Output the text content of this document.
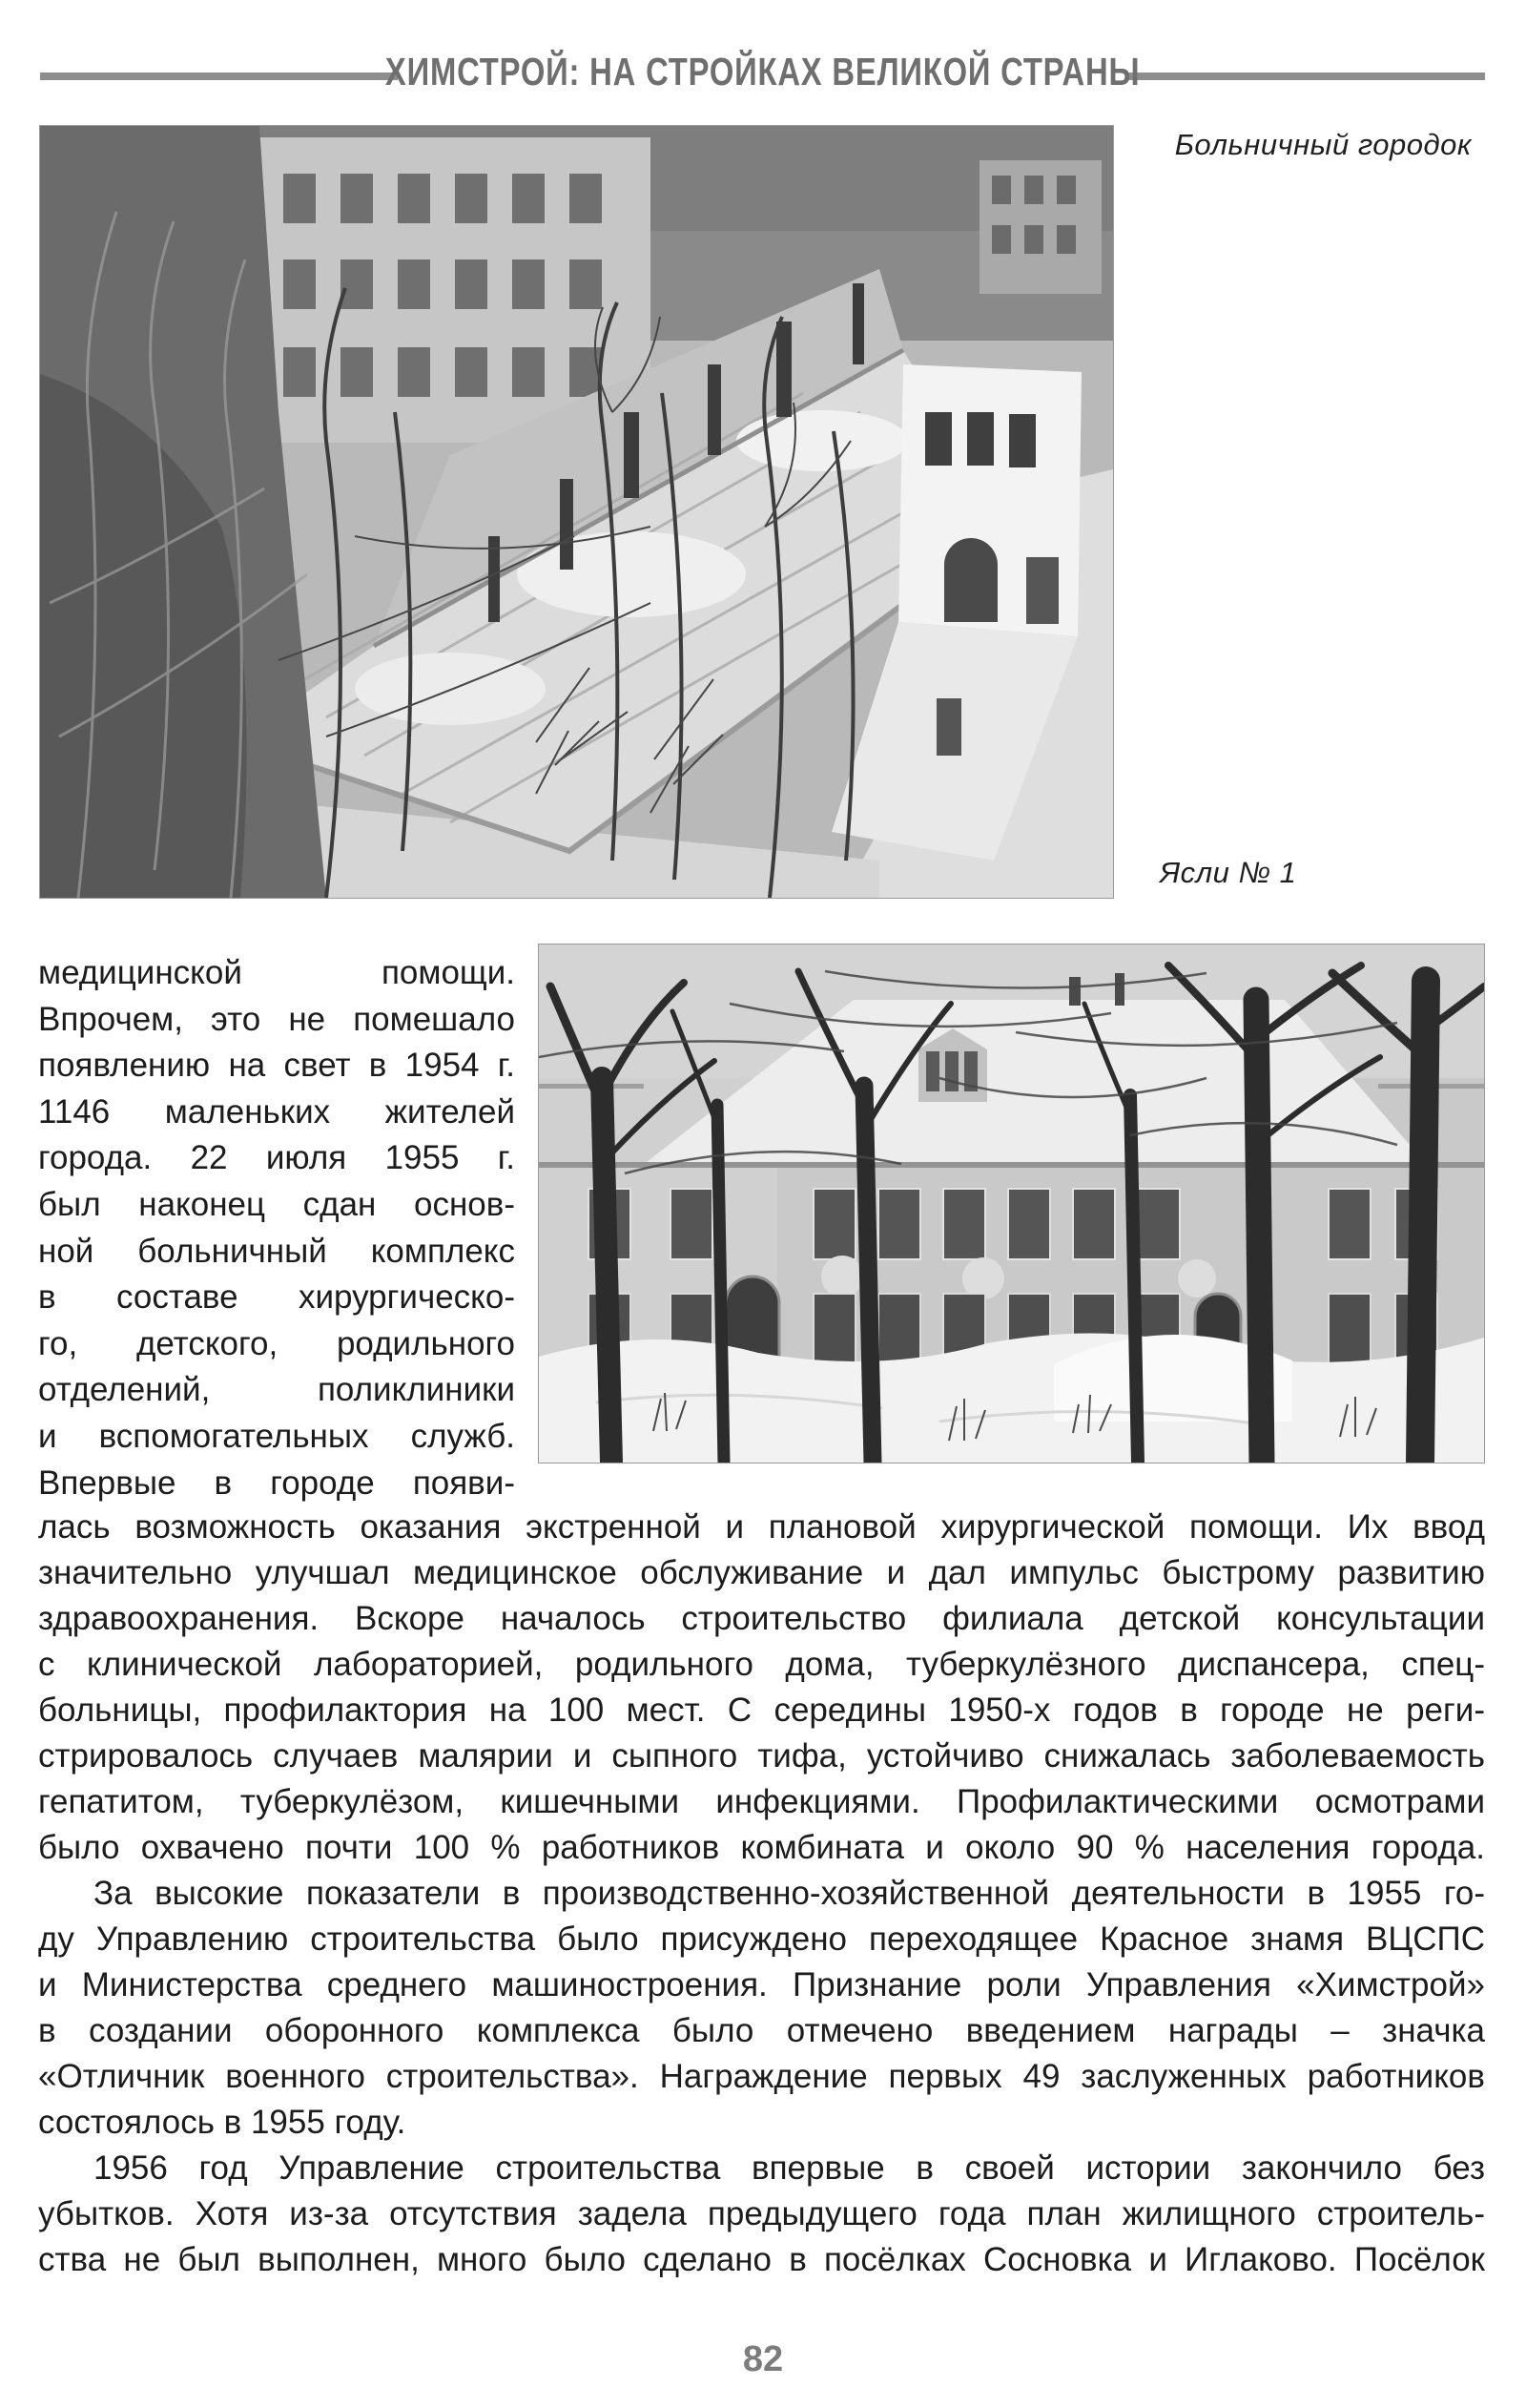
ХИМСТРОЙ: НА СТРОЙКАХ ВЕЛИКОЙ СТРАНЫ
Больничный городок
Ясли № 1
медицинской помощи.
Впрочем, это не помешало
появлению на свет в 1954 г.
1146 маленьких жителей
города. 22 июля 1955 г.
был наконец сдан основ-
ной больничный комплекс
в составе хирургическо-
го, детского, родильного
отделений, поликлиники
и вспомогательных служб.
Впервые в городе появи-
лась возможность оказания экстренной и плановой хирургической помощи. Их ввод
значительно улучшал медицинское обслуживание и дал импульс быстрому развитию
здравоохранения. Вскоре началось строительство филиала детской консультации
с клинической лабораторией, родильного дома, туберкулёзного диспансера, спец-
больницы, профилактория на 100 мест. С середины 1950-х годов в городе не реги-
стрировалось случаев малярии и сыпного тифа, устойчиво снижалась заболеваемость
гепатитом, туберкулёзом, кишечными инфекциями. Профилактическими осмотрами
было охвачено почти 100 % работников комбината и около 90 % населения города.
За высокие показатели в производственно-хозяйственной деятельности в 1955 го-
ду Управлению строительства было присуждено переходящее Красное знамя ВЦСПС
и Министерства среднего машиностроения. Признание роли Управления «Химстрой»
в создании оборонного комплекса было отмечено введением награды – значка
«Отличник военного строительства». Награждение первых 49 заслуженных работников
состоялось в 1955 году.
1956 год Управление строительства впервые в своей истории закончило без
убытков. Хотя из-за отсутствия задела предыдущего года план жилищного строитель-
ства не был выполнен, много было сделано в посёлках Сосновка и Иглаково. Посёлок
82
